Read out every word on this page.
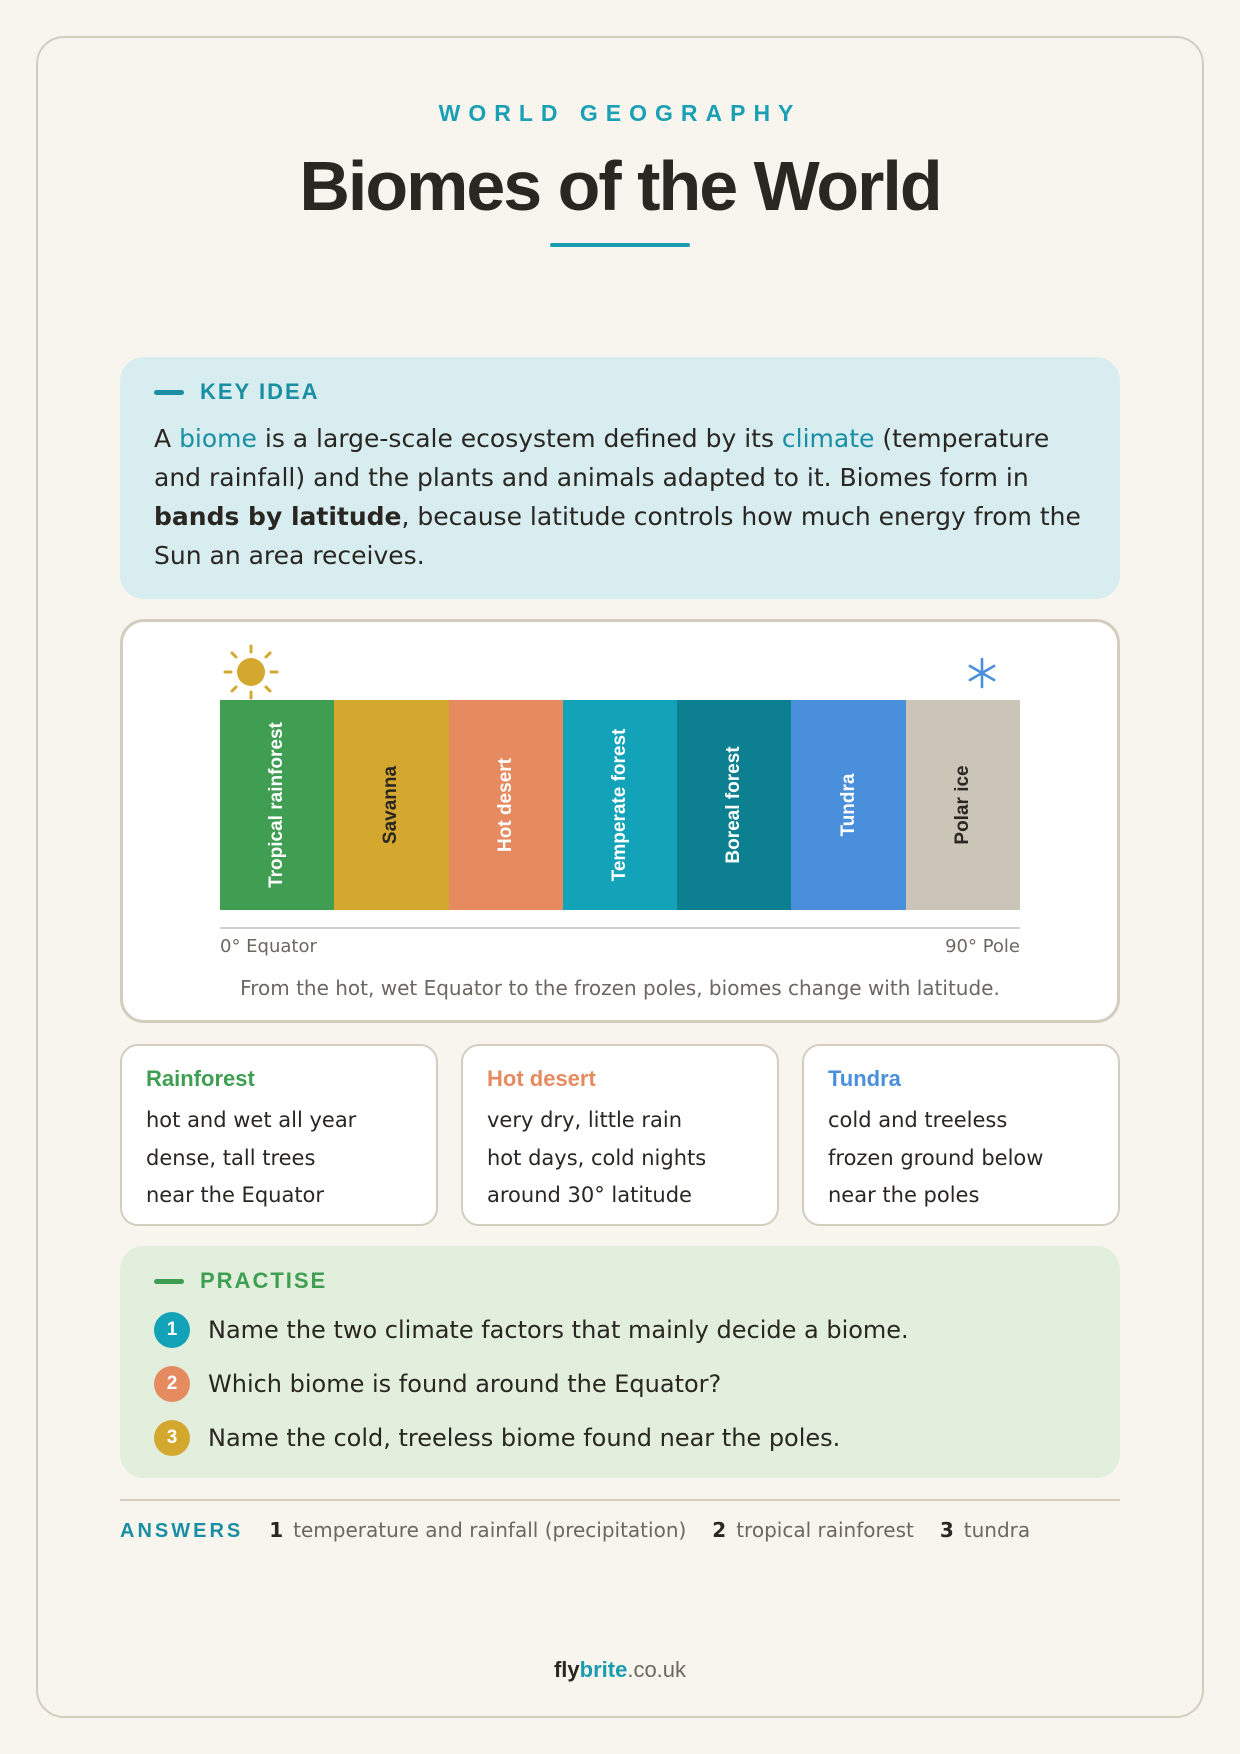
WORLD GEOGRAPHY
Biomes of the World
KEY IDEA

A biome is a large-scale ecosystem defined by its climate (temperature and rainfall) and the plants and animals adapted to it. Biomes form in bands by latitude, because latitude controls how much energy from the Sun an area receives.

Tropical rainforest	Savanna	Hot desert	Temperate forest	Boreal forest	Tundra	Polar ice
0° Equator	90° Pole
From the hot, wet Equator to the frozen poles, biomes change with latitude.
Rainforest
hot and wet all year
dense, tall trees
near the Equator
Hot desert
very dry, little rain
hot days, cold nights
around 30° latitude
Tundra
cold and treeless
frozen ground below
near the poles
PRACTISE
1	Name the two climate factors that mainly decide a biome.
2	Which biome is found around the Equator?
3	Name the cold, treeless biome found near the poles.
ANSWERS 1 temperature and rainfall (precipitation) 2 tropical rainforest 3 tundra
flybrite.co.uk
